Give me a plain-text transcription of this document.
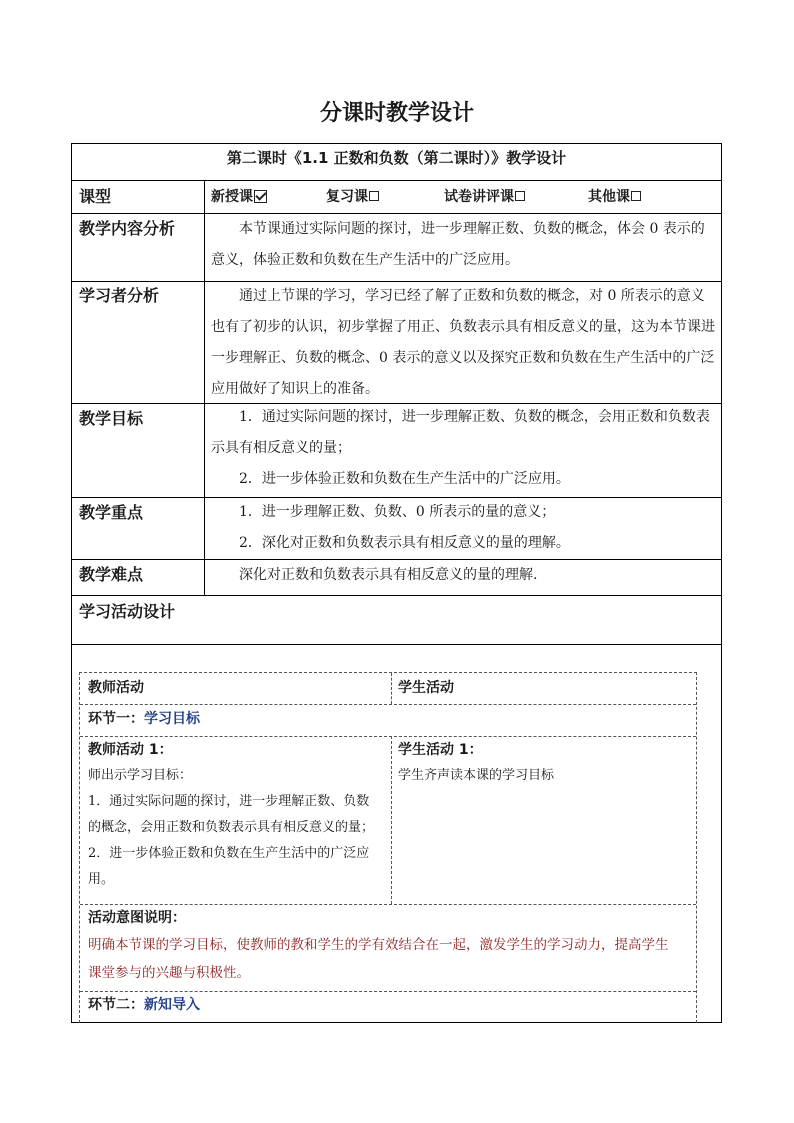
分课时教学设计
第二课时《1.1 正数和负数（第二课时）》教学设计
课型	新授课	复习课	试卷讲评课	其他课
教学内容分析	本节课通过实际问题的探讨，进一步理解正数、负数的概念，体会 0 表示的意义，体验正数和负数在生产生活中的广泛应用。

学习者分析	通过上节课的学习，学习已经了解了正数和负数的概念，对 0 所表示的意义也有了初步的认识，初步掌握了用正、负数表示具有相反意义的量，这为本节课进一步理解正、负数的概念、0 表示的意义以及探究正数和负数在生产生活中的广泛应用做好了知识上的准备。

教学目标	1．通过实际问题的探讨，进一步理解正数、负数的概念，会用正数和负数表示具有相反意义的量；

2．进一步体验正数和负数在生产生活中的广泛应用。

教学重点	1．进一步理解正数、负数、0 所表示的量的意义；

2．深化对正数和负数表示具有相反意义的量的理解。

教学难点	深化对正数和负数表示具有相反意义的量的理解.

学习活动设计
教师活动	学生活动
环节一：学习目标
教师活动 1：
师出示学习目标：
1．通过实际问题的探讨，进一步理解正数、负数
的概念，会用正数和负数表示具有相反意义的量；
2．进一步体验正数和负数在生产生活中的广泛应
用。
学生活动 1：
学生齐声读本课的学习目标
活动意图说明：
明确本节课的学习目标，使教师的教和学生的学有效结合在一起，激发学生的学习动力，提高学生
课堂参与的兴趣与积极性。
环节二：新知导入
